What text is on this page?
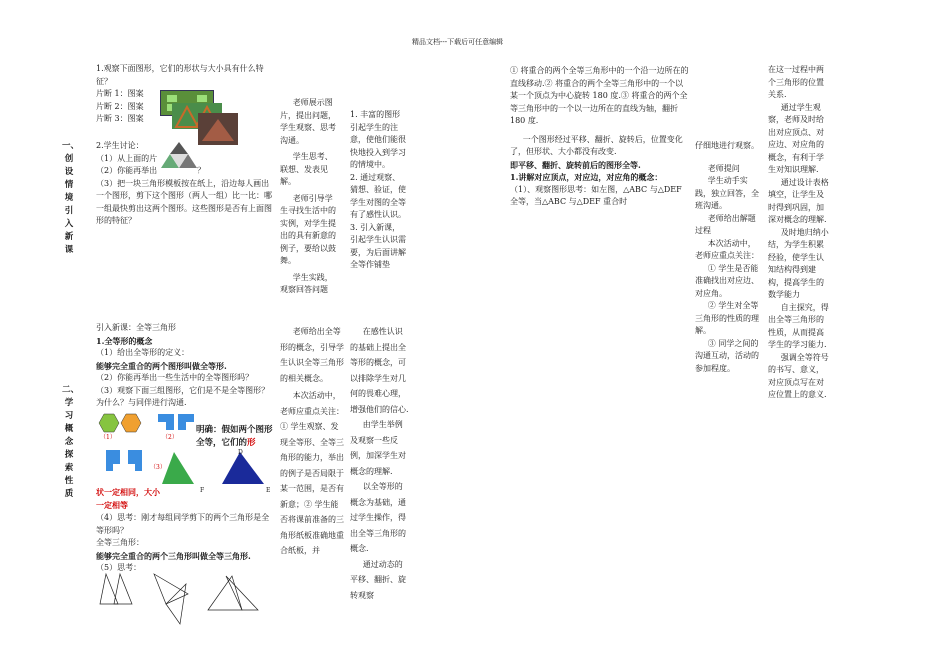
精品文档---下载后可任意编辑
一、
创
设
情
境
引
入
新
课

1.观察下面图形，它们的形状与大小具有什么特征？

片断 1：图案

片断 2：图案

片断 3：图案

2.学生讨论：

（1）从上面的片

（2）你能再举出	？

（3）把一块三角形模板按在纸上，沿边每人画出一个图形，剪下这个图形（两人一组）比一比：哪一组最快剪出这两个图形。这些图形是否有上面图形的特征？

老师展示图片，提出问题，学生观察、思考沟通。

学生思考、联想、发表见解。

老师引导学生寻找生活中的实例，对学生提出的具有新意的例子，要给以鼓舞。

学生实践，观察回答问题

1. 丰富的图形引起学生的注意，使他们能很快地投入到学习的情境中。

2. 通过观察、猜想、验证，使学生对图的全等有了感性认识。

3. 引入新课，引起学生认识需要，为后面讲解全等作铺垫

二、
学
习
概
念
探
索
性
质

引入新课：全等三角形

1.全等形的概念

（1）给出全等形的定义：

能够完全重合的两个图形叫做全等形.

（2）你能再举出一些生活中的全等图形吗？

（3）观察下面三组图形，它们是不是全等图形？为什么？与同伴进行沟通.

（1）	（2）
（3）
F
D
E
明确：假如两个图形全等，它们的形
状一定相同，大小一定相等

（4）思考：刚才每组同学剪下的两个三角形是全等形吗？

全等三角形：

能够完全重合的两个三角形叫做全等三角形.

（5）思考：

老师给出全等形的概念，引导学生认识全等三角形的相关概念。

本次活动中，老师应重点关注：① 学生观察、发现全等形、全等三角形的能力，举出的例子是否局限于某一范围，是否有新意；② 学生能否将课前准备的三角形纸板准确地重合纸板，并

在感性认识的基础上提出全等形的概念，可以排除学生对几何的畏难心理，增强他们的信心.

由学生举例及观察一些反例，加深学生对概念的理解.

以全等形的概念为基础，通过学生操作，得出全等三角形的概念.

通过动态的平移、翻折、旋转观察

① 将重合的两个全等三角形中的一个沿一边所在的直线移动.② 将重合的两个全等三角形中的一个以某一个顶点为中心旋转 180 度.③ 将重合的两个全等三角形中的一个以一边所在的直线为轴，翻折 180 度.

一个图形经过平移、翻折、旋转后，位置变化了，但形状、大小都没有改变.

即平移、翻折、旋转前后的图形全等.

1.讲解对应顶点，对应边，对应角的概念：

（1）、观察图形思考：如左图，△ABC 与△DEF 全等，当△ABC 与△DEF 重合时

仔细地进行观察。

老师提问

学生动手实践，独立回答，全班沟通。

老师给出解题过程

本次活动中，老师应重点关注：

① 学生是否能准确找出对应边、对应角。

② 学生对全等三角形的性质的理解。

③ 同学之间的沟通互动，活动的参加程度。

在这一过程中两个三角形的位置关系.

通过学生观察，老师及时给出对应顶点、对应边、对应角的概念，有利于学生对知识理解.

通过设计表格填空，让学生及时得到巩固，加深对概念的理解.

及时地归纳小结，为学生积累经验，使学生认知结构得到建构，提高学生的数学能力

自主探究，得出全等三角形的性质，从而提高学生的学习能力.

强调全等符号的书写、意义，对应顶点写在对应位置上的意义.
